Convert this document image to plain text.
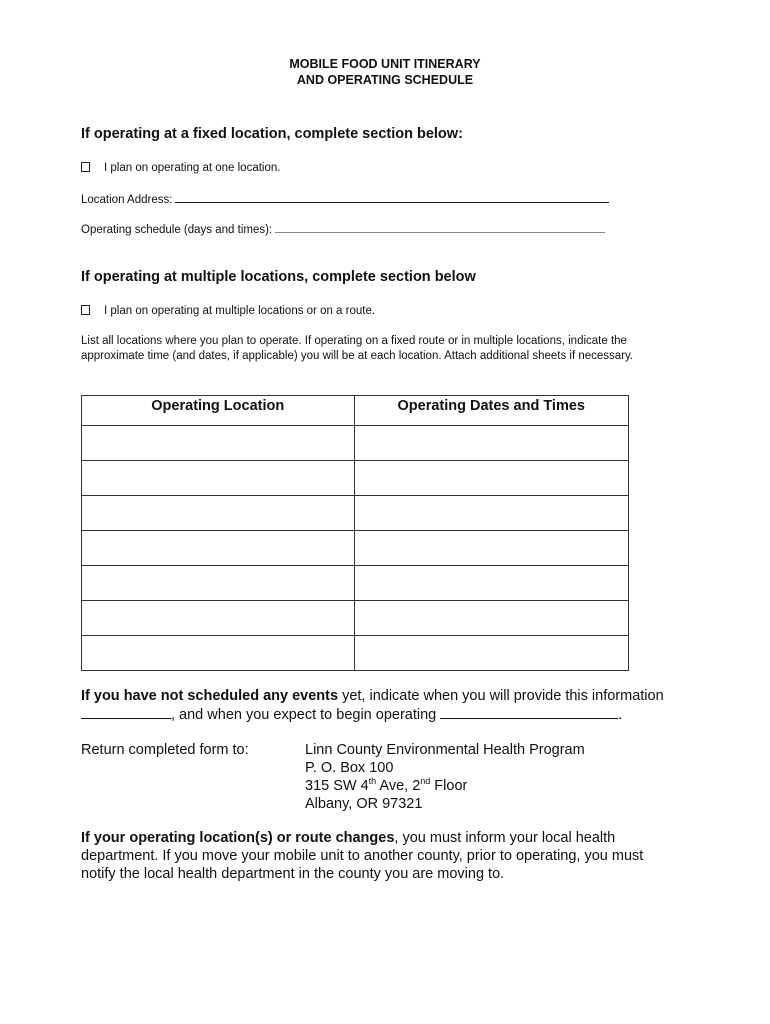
MOBILE FOOD UNIT ITINERARY
AND OPERATING SCHEDULE
If operating at a fixed location, complete section below:
I plan on operating at one location.
Location Address:
Operating schedule (days and times):
If operating at multiple locations, complete section below
I plan on operating at multiple locations or on a route.
List all locations where you plan to operate. If operating on a fixed route or in multiple locations, indicate the
approximate time (and dates, if applicable) you will be at each location. Attach additional sheets if necessary.
Operating Location	Operating Dates and Times

If you have not scheduled any events yet, indicate when you will provide this information
, and when you expect to begin operating	.
Return completed form to:	Linn County Environmental Health Program
P. O. Box 100
315 SW 4th Ave, 2nd Floor
Albany, OR 97321
If your operating location(s) or route changes, you must inform your local health
department. If you move your mobile unit to another county, prior to operating, you must
notify the local health department in the county you are moving to.
